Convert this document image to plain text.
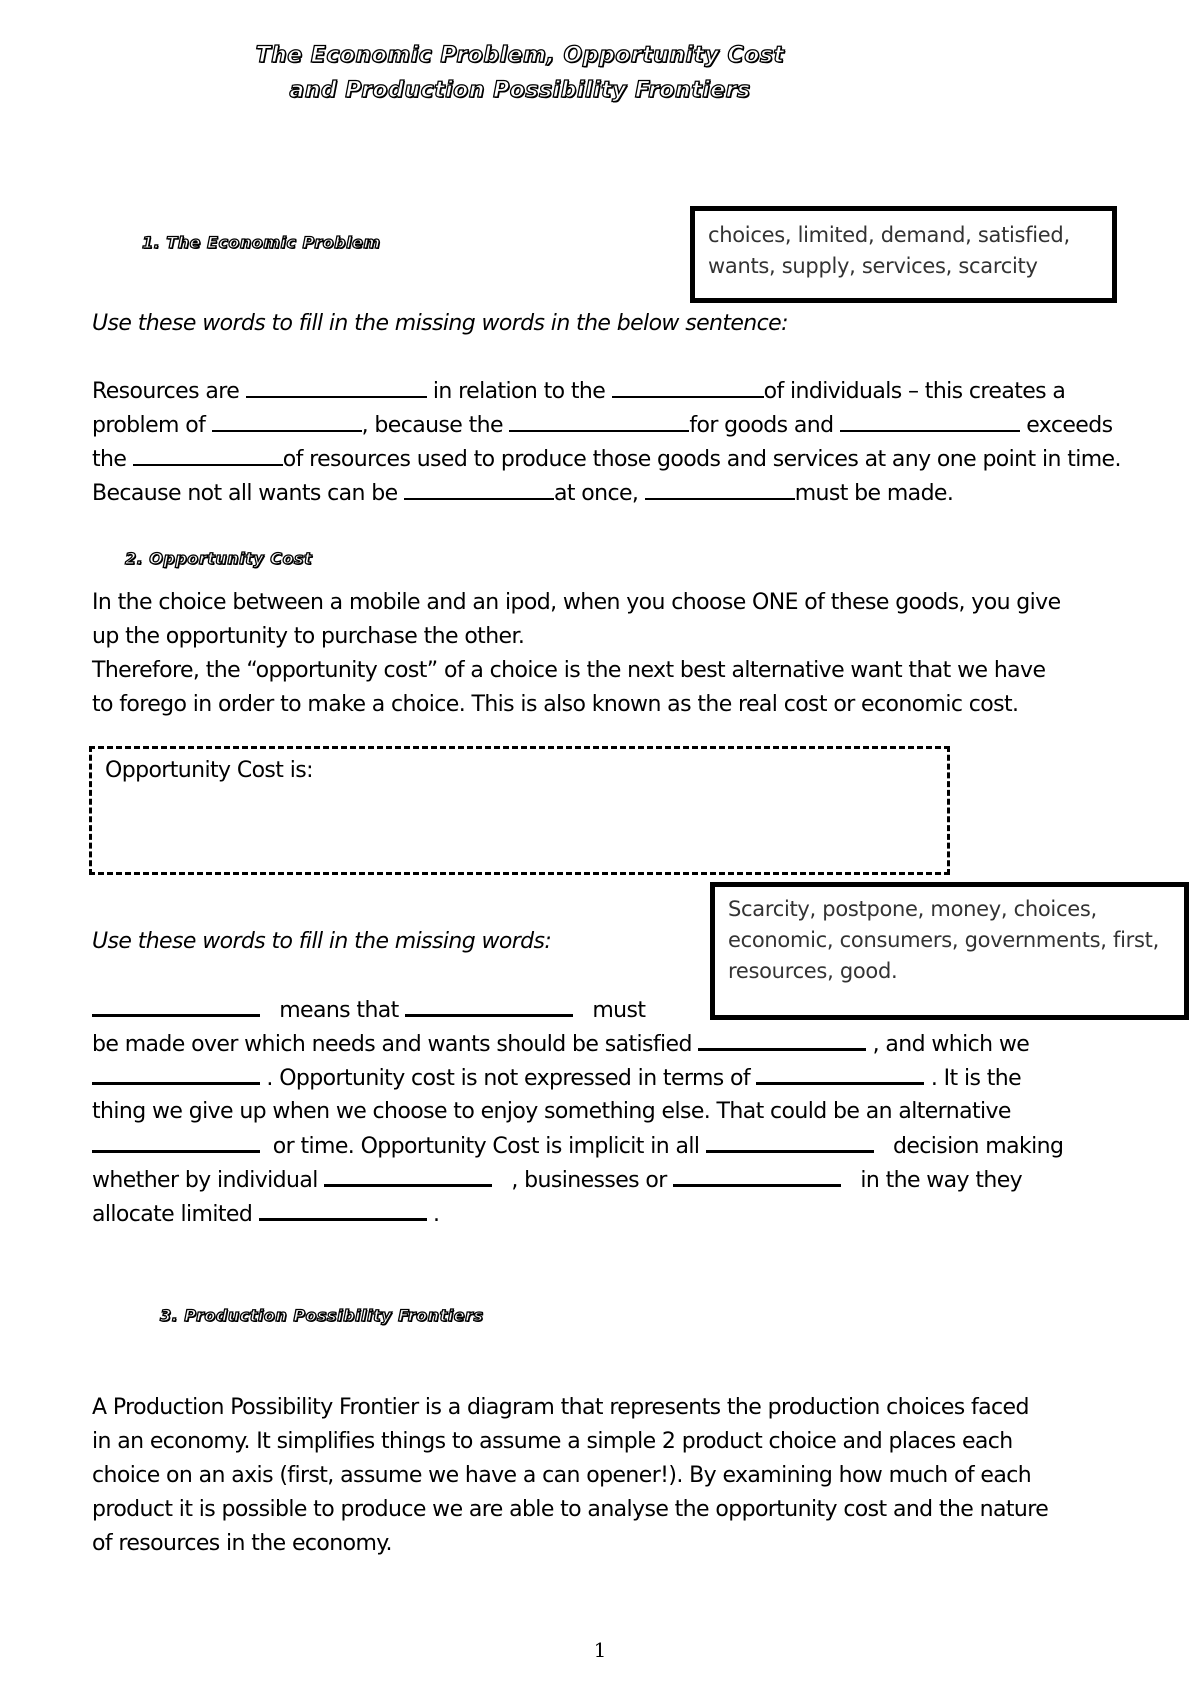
The Economic Problem, Opportunity Cost
and Production Possibility Frontiers
1. The Economic Problem	choices, limited, demand, satisfied,
wants, supply, services, scarcity
Use these words to fill in the missing words in the below sentence:
Resources are	in relation to the	of individuals – this creates a
problem of	, because the	for goods and	exceeds
the	of resources used to produce those goods and services at any one point in time.
Because not all wants can be	at once,	must be made.
2. Opportunity Cost
In the choice between a mobile and an ipod, when you choose ONE of these goods, you give
up the opportunity to purchase the other.
Therefore, the “opportunity cost” of a choice is the next best alternative want that we have
to forego in order to make a choice. This is also known as the real cost or economic cost.
Opportunity Cost is:
Scarcity, postpone, money, choices,
economic, consumers, governments, first,
resources, good.
Use these words to fill in the missing words:
means that	must
be made over which needs and wants should be satisfied	, and which we
. Opportunity cost is not expressed in terms of	. It is the
thing we give up when we choose to enjoy something else. That could be an alternative
or time. Opportunity Cost is implicit in all	decision making
whether by individual	, businesses or	in the way they
allocate limited	.
3. Production Possibility Frontiers
A Production Possibility Frontier is a diagram that represents the production choices faced
in an economy. It simplifies things to assume a simple 2 product choice and places each
choice on an axis (first, assume we have a can opener!). By examining how much of each
product it is possible to produce we are able to analyse the opportunity cost and the nature
of resources in the economy.
1
